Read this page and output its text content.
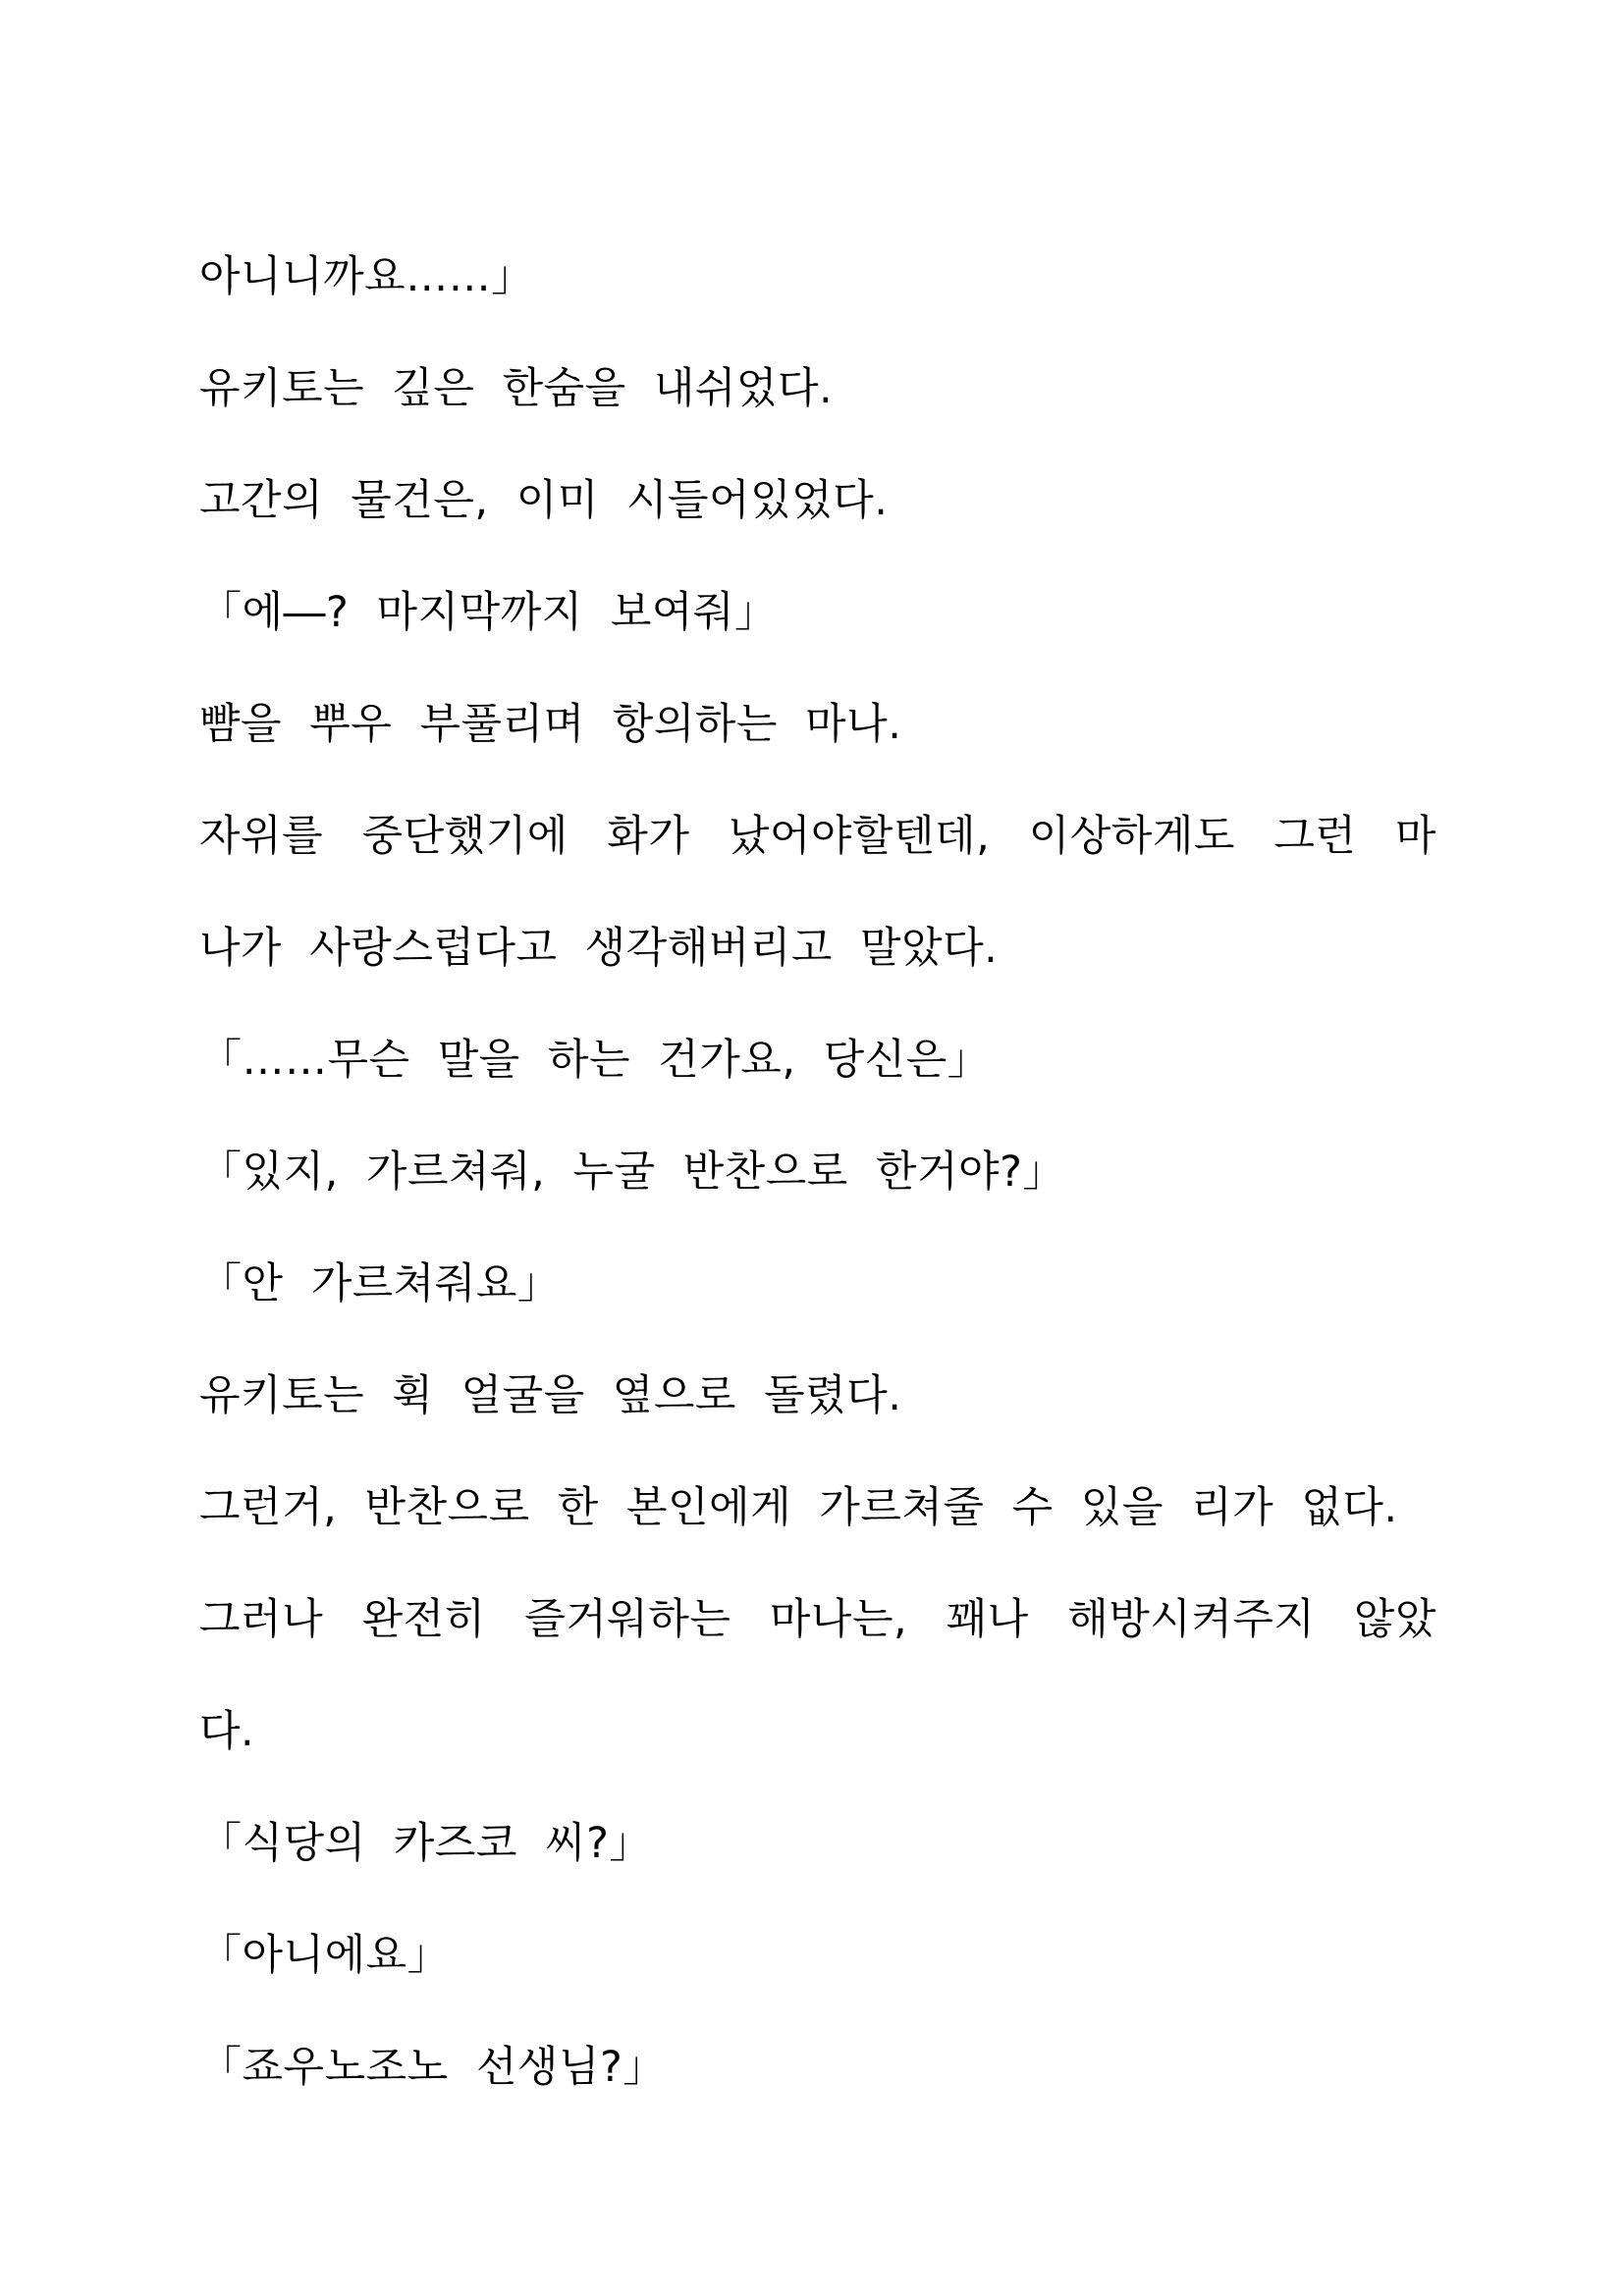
아니니까요……」

유키토는 깊은 한숨을 내쉬었다.

고간의 물건은, 이미 시들어있었다.

「에―? 마지막까지 보여줘」

뺨을 뿌우 부풀리며 항의하는 마나.

자위를 중단했기에 화가 났어야할텐데, 이상하게도 그런 마
나가 사랑스럽다고 생각해버리고 말았다.

「……무슨 말을 하는 건가요, 당신은」

「있지, 가르쳐줘, 누굴 반찬으로 한거야?」

「안 가르쳐줘요」

유키토는 휙 얼굴을 옆으로 돌렸다.

그런거, 반찬으로 한 본인에게 가르쳐줄 수 있을 리가 없다.

그러나 완전히 즐거워하는 마나는, 꽤나 해방시켜주지 않았
다.

「식당의 카즈코 씨?」

「아니에요」

「죠우노조노 선생님?」
